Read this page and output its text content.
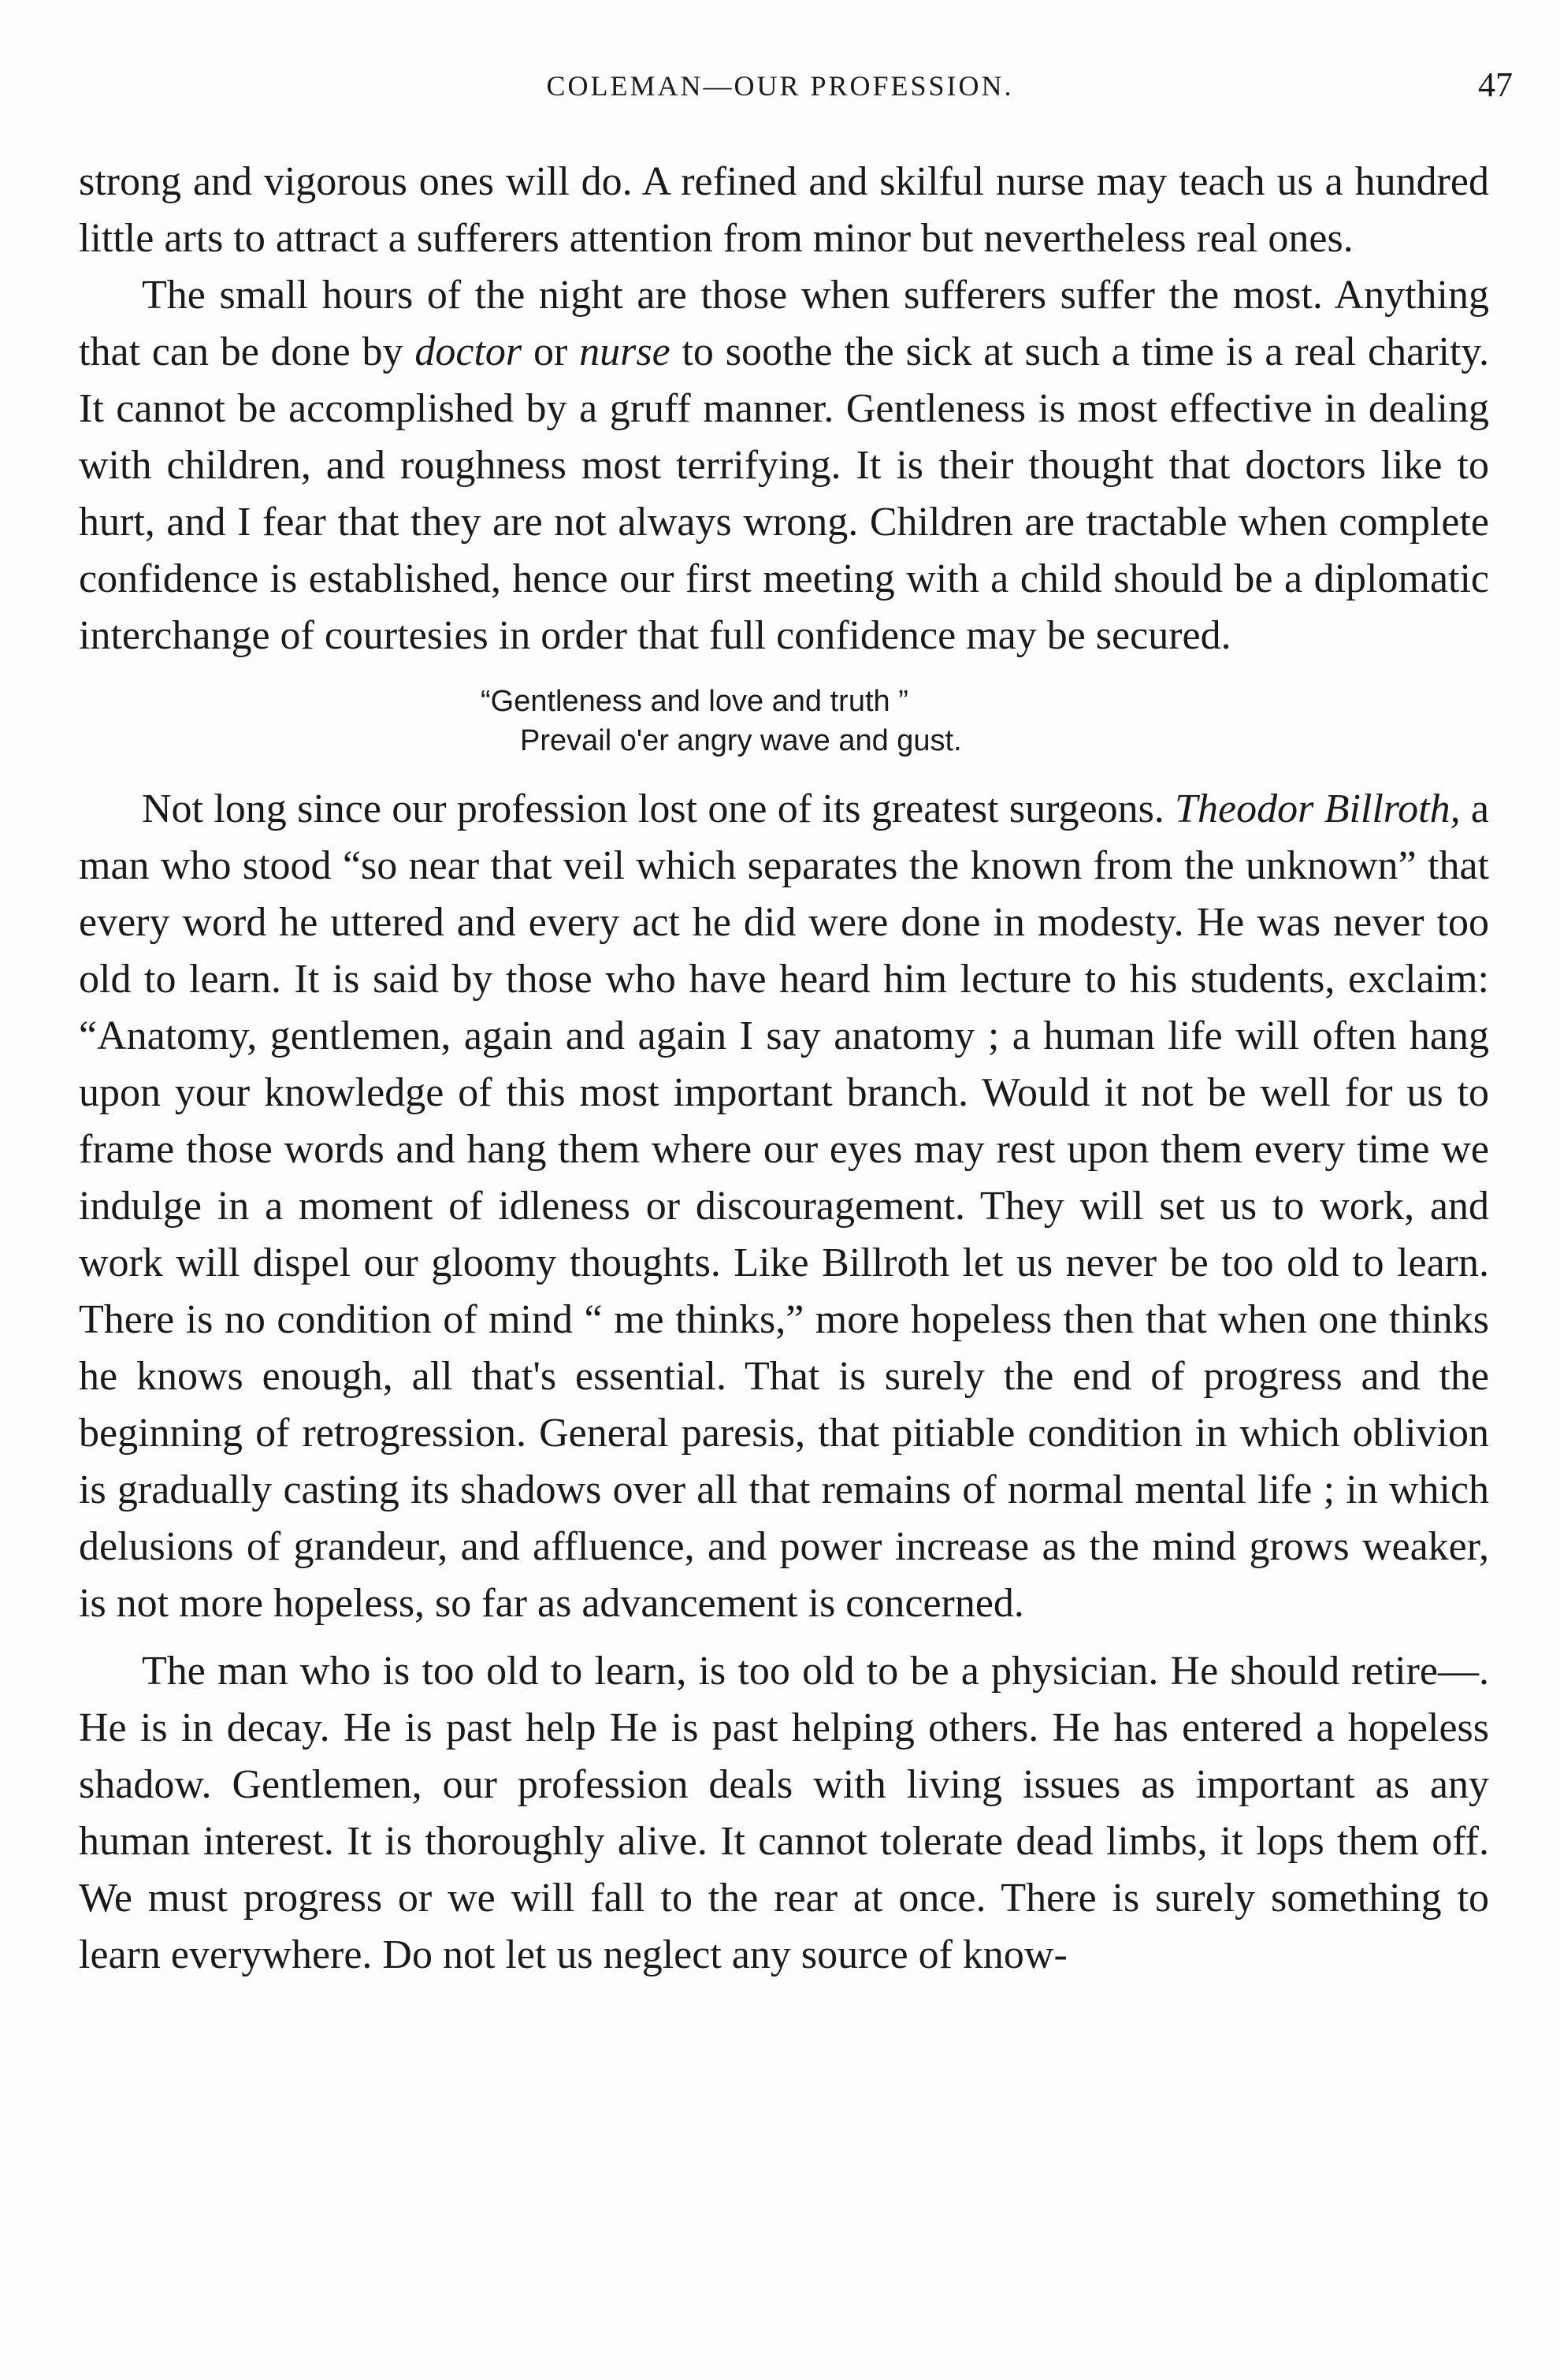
COLEMAN—OUR PROFESSION.	47

strong and vigorous ones will do. A refined and skilful nurse may teach us a hundred little arts to attract a sufferers attention from minor but nevertheless real ones.

The small hours of the night are those when sufferers suffer the most. Anything that can be done by doctor or nurse to soothe the sick at such a time is a real charity. It cannot be accomplished by a gruff manner. Gentleness is most effective in dealing with children, and roughness most terrifying. It is their thought that doctors like to hurt, and I fear that they are not always wrong. Children are tractable when complete confidence is established, hence our first meeting with a child should be a diplomatic interchange of courtesies in order that full confidence may be secured.

“Gentleness and love and truth ”
Prevail o'er angry wave and gust.

Not long since our profession lost one of its greatest surgeons. Theodor Billroth, a man who stood “so near that veil which separates the known from the unknown” that every word he uttered and every act he did were done in modesty. He was never too old to learn. It is said by those who have heard him lecture to his students, exclaim: “Anatomy, gentlemen, again and again I say anatomy ; a human life will often hang upon your knowledge of this most important branch. Would it not be well for us to frame those words and hang them where our eyes may rest upon them every time we indulge in a moment of idleness or discouragement. They will set us to work, and work will dispel our gloomy thoughts. Like Billroth let us never be too old to learn. There is no condition of mind “ me thinks,” more hopeless then that when one thinks he knows enough, all that's essential. That is surely the end of progress and the beginning of retrogression. General paresis, that pitiable condition in which oblivion is gradually casting its shadows over all that remains of normal mental life ; in which delusions of grandeur, and affluence, and power increase as the mind grows weaker, is not more hopeless, so far as advancement is concerned.

The man who is too old to learn, is too old to be a physician. He should retire—. He is in decay. He is past help He is past helping others. He has entered a hopeless shadow. Gentlemen, our profession deals with living issues as important as any human interest. It is thoroughly alive. It cannot tolerate dead limbs, it lops them off. We must progress or we will fall to the rear at once. There is surely something to learn everywhere. Do not let us neglect any source of know-
